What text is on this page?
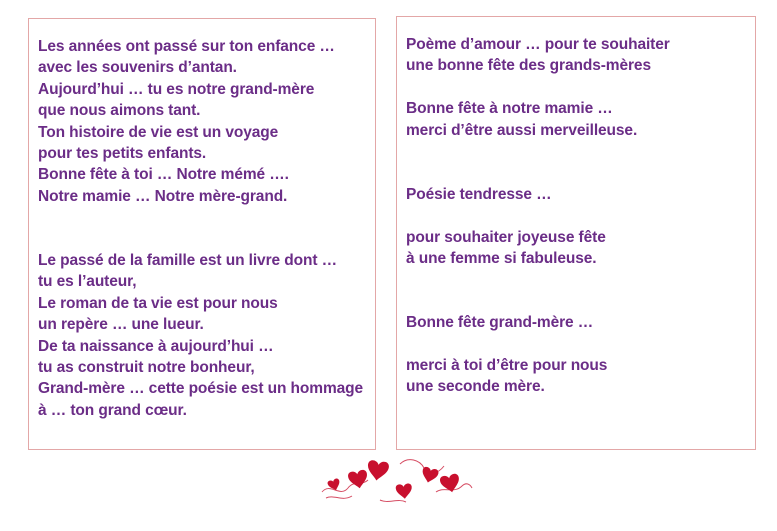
Les années ont passé sur ton enfance …
avec les souvenirs d’antan.
Aujourd’hui … tu es notre grand-mère
que nous aimons tant.
Ton histoire de vie est un voyage
pour tes petits enfants.
Bonne fête à toi … Notre mémé ….
Notre mamie … Notre mère-grand.
Le passé de la famille est un livre dont …
tu es l’auteur,
Le roman de ta vie est pour nous
un repère … une lueur.
De ta naissance à aujourd’hui …
tu as construit notre bonheur,
Grand-mère … cette poésie est un hommage
à … ton grand cœur.
Poème d’amour … pour te souhaiter
une bonne fête des grands-mères
Bonne fête à notre mamie …
merci d’être aussi merveilleuse.
Poésie tendresse …
pour souhaiter joyeuse fête
à une femme si fabuleuse.
Bonne fête grand-mère …
merci à toi d’être pour nous
une seconde mère.
